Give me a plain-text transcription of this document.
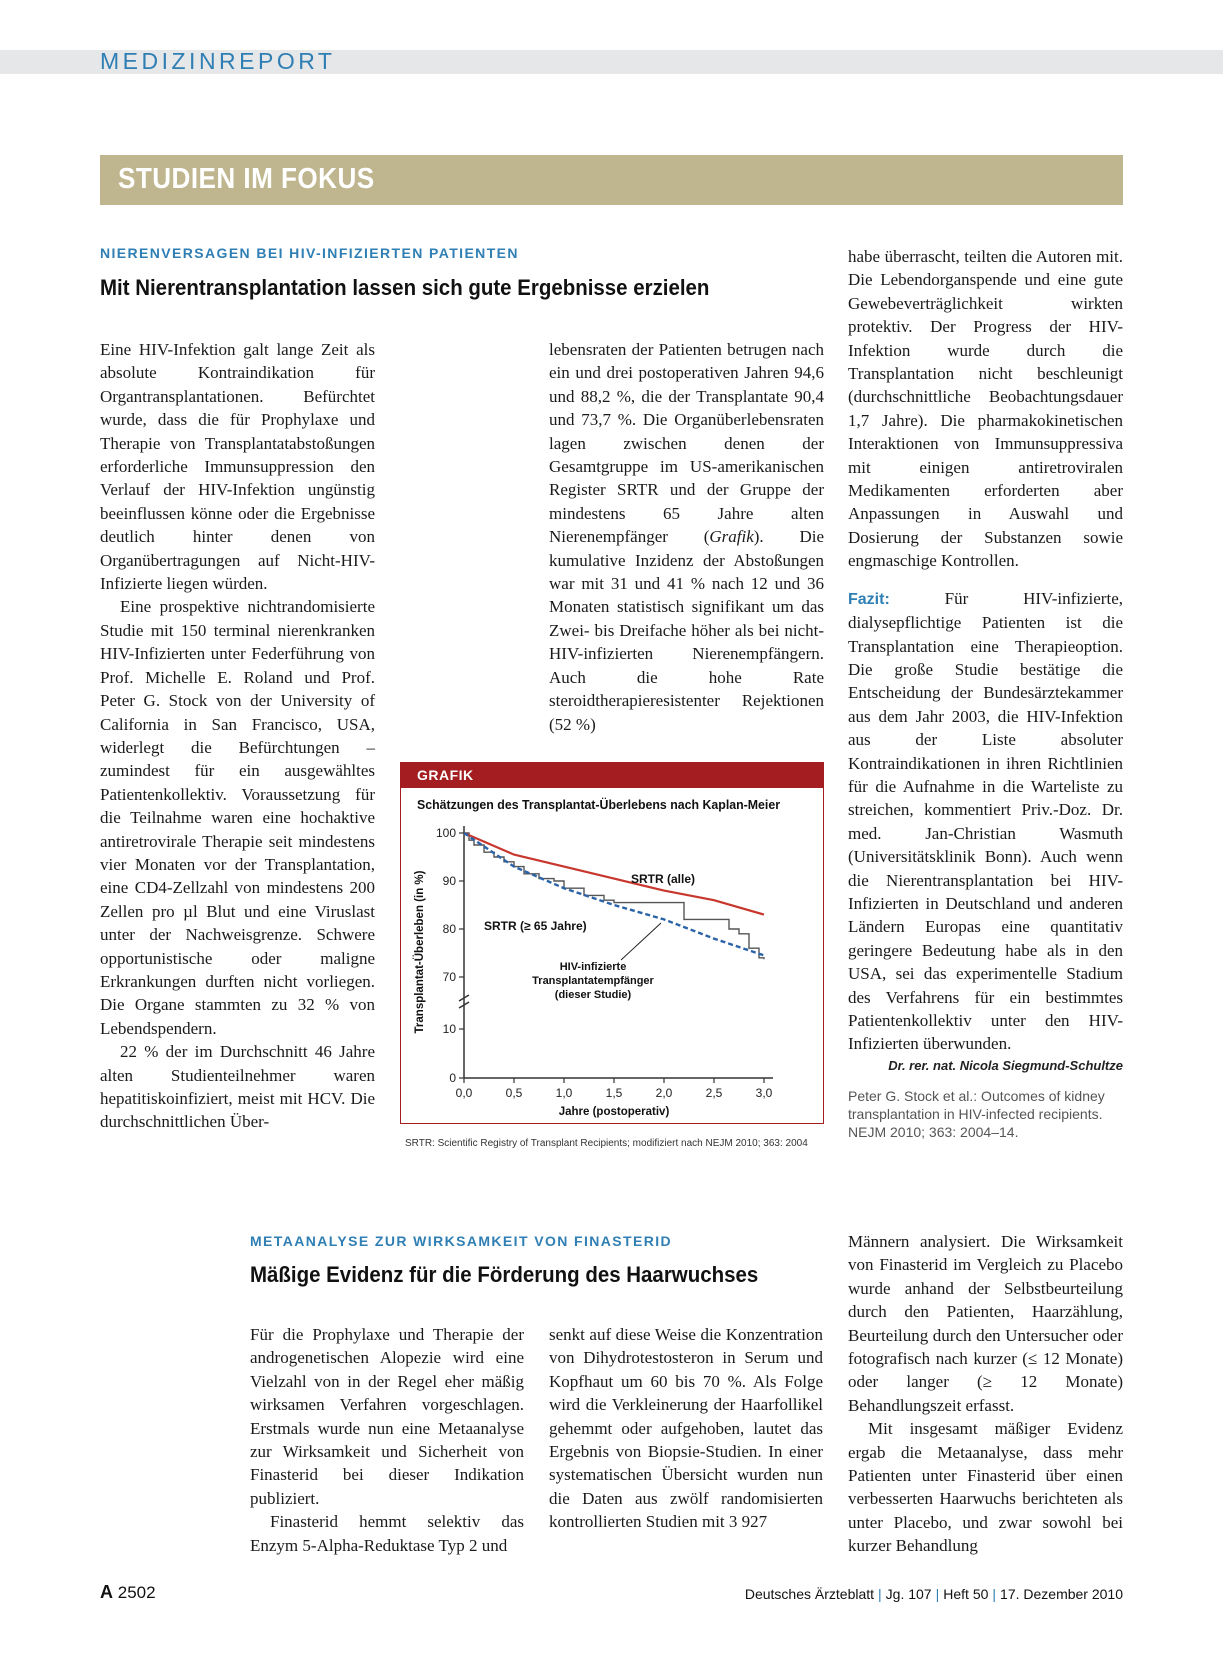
MEDIZINREPORT
STUDIEN IM FOKUS
NIERENVERSAGEN BEI HIV-INFIZIERTEN PATIENTEN
Mit Nierentransplantation lassen sich gute Ergebnisse erzielen

Eine HIV-Infektion galt lange Zeit als absolute Kontraindikation für Organtransplantationen. Befürchtet wurde, dass die für Prophylaxe und Therapie von Transplantatabstoßungen erforderliche Immunsuppression den Verlauf der HIV-Infektion ungünstig beeinflussen könne oder die Ergebnisse deutlich hinter denen von Organübertragungen auf Nicht-HIV-Infizierte liegen würden.

Eine prospektive nichtrandomisierte Studie mit 150 terminal nierenkranken HIV-Infizierten unter Federführung von Prof. Michelle E. Roland und Prof. Peter G. Stock von der University of California in San Francisco, USA, widerlegt die Befürchtungen – zumindest für ein ausgewähltes Patientenkollektiv. Voraussetzung für die Teilnahme waren eine hochaktive antiretrovirale Therapie seit mindestens vier Monaten vor der Transplantation, eine CD4-Zellzahl von mindestens 200 Zellen pro µl Blut und eine Viruslast unter der Nachweisgrenze. Schwere opportunistische oder maligne Erkrankungen durften nicht vorliegen. Die Organe stammten zu 32 % von Lebendspendern.

22 % der im Durchschnitt 46 Jahre alten Studienteilnehmer waren hepatitiskoinfiziert, meist mit HCV. Die durchschnittlichen Über-

lebensraten der Patienten betrugen nach ein und drei postoperativen Jahren 94,6 und 88,2 %, die der Transplantate 90,4 und 73,7 %. Die Organüberlebensraten lagen zwischen denen der Gesamtgruppe im US-amerikanischen Register SRTR und der Gruppe der mindestens 65 Jahre alten Nierenempfänger (Grafik). Die kumulative Inzidenz der Abstoßungen war mit 31 und 41 % nach 12 und 36 Monaten statistisch signifikant um das Zwei- bis Dreifache höher als bei nicht-HIV-infizierten Nierenempfängern. Auch die hohe Rate steroidtherapieresistenter Rejektionen (52 %)

habe überrascht, teilten die Autoren mit. Die Lebendorganspende und eine gute Gewebeverträglichkeit wirkten protektiv. Der Progress der HIV-Infektion wurde durch die Transplantation nicht beschleunigt (durchschnittliche Beobachtungsdauer 1,7 Jahre). Die pharmakokinetischen Interaktionen von Immunsuppressiva mit einigen antiretroviralen Medikamenten erforderten aber Anpassungen in Auswahl und Dosierung der Substanzen sowie engmaschige Kontrollen.

Fazit: Für HIV-infizierte, dialysepflichtige Patienten ist die Transplantation eine Therapieoption. Die große Studie bestätige die Entscheidung der Bundesärztekammer aus dem Jahr 2003, die HIV-Infektion aus der Liste absoluter Kontraindikationen in ihren Richtlinien für die Aufnahme in die Warteliste zu streichen, kommentiert Priv.-Doz. Dr. med. Jan-Christian Wasmuth (Universitätsklinik Bonn). Auch wenn die Nierentransplantation bei HIV-Infizierten in Deutschland und anderen Ländern Europas eine quantitativ geringere Bedeutung habe als in den USA, sei das experimentelle Stadium des Verfahrens für ein bestimmtes Patientenkollektiv unter den HIV-Infizierten überwunden.

Dr. rer. nat. Nicola Siegmund-Schultze
Peter G. Stock et al.: Outcomes of kidney transplantation in HIV-infected recipients. NEJM 2010; 363: 2004–14.
GRAFIK
Schätzungen des Transplantat-Überlebens nach Kaplan-Meier
0
10
70
80
90
100
0,0	0,5	1,0	1,5	2,0	2,5	3,0
Jahre (postoperativ)
Transplantat-Überleben (in %)	SRTR (alle)
SRTR (≥ 65 Jahre)
HIV-infizierte
Transplantatempfänger
(dieser Studie)
SRTR: Scientific Registry of Transplant Recipients; modifiziert nach NEJM 2010; 363: 2004
METAANALYSE ZUR WIRKSAMKEIT VON FINASTERID
Mäßige Evidenz für die Förderung des Haarwuchses

Für die Prophylaxe und Therapie der androgenetischen Alopezie wird eine Vielzahl von in der Regel eher mäßig wirksamen Verfahren vorgeschlagen. Erstmals wurde nun eine Metaanalyse zur Wirksamkeit und Sicherheit von Finasterid bei dieser Indikation publiziert.

Finasterid hemmt selektiv das Enzym 5-Alpha-Reduktase Typ 2 und

senkt auf diese Weise die Konzentration von Dihydrotestosteron in Serum und Kopfhaut um 60 bis 70 %. Als Folge wird die Verkleinerung der Haarfollikel gehemmt oder aufgehoben, lautet das Ergebnis von Biopsie-Studien. In einer systematischen Übersicht wurden nun die Daten aus zwölf randomisierten kontrollierten Studien mit 3 927

Männern analysiert. Die Wirksamkeit von Finasterid im Vergleich zu Placebo wurde anhand der Selbstbeurteilung durch den Patienten, Haarzählung, Beurteilung durch den Untersucher oder fotografisch nach kurzer (≤ 12 Monate) oder langer (≥ 12 Monate) Behandlungszeit erfasst.

Mit insgesamt mäßiger Evidenz ergab die Metaanalyse, dass mehr Patienten unter Finasterid über einen verbesserten Haarwuchs berichteten als unter Placebo, und zwar sowohl bei kurzer Behandlung

A 2502	Deutsches Ärzteblatt | Jg. 107 | Heft 50 | 17. Dezember 2010
